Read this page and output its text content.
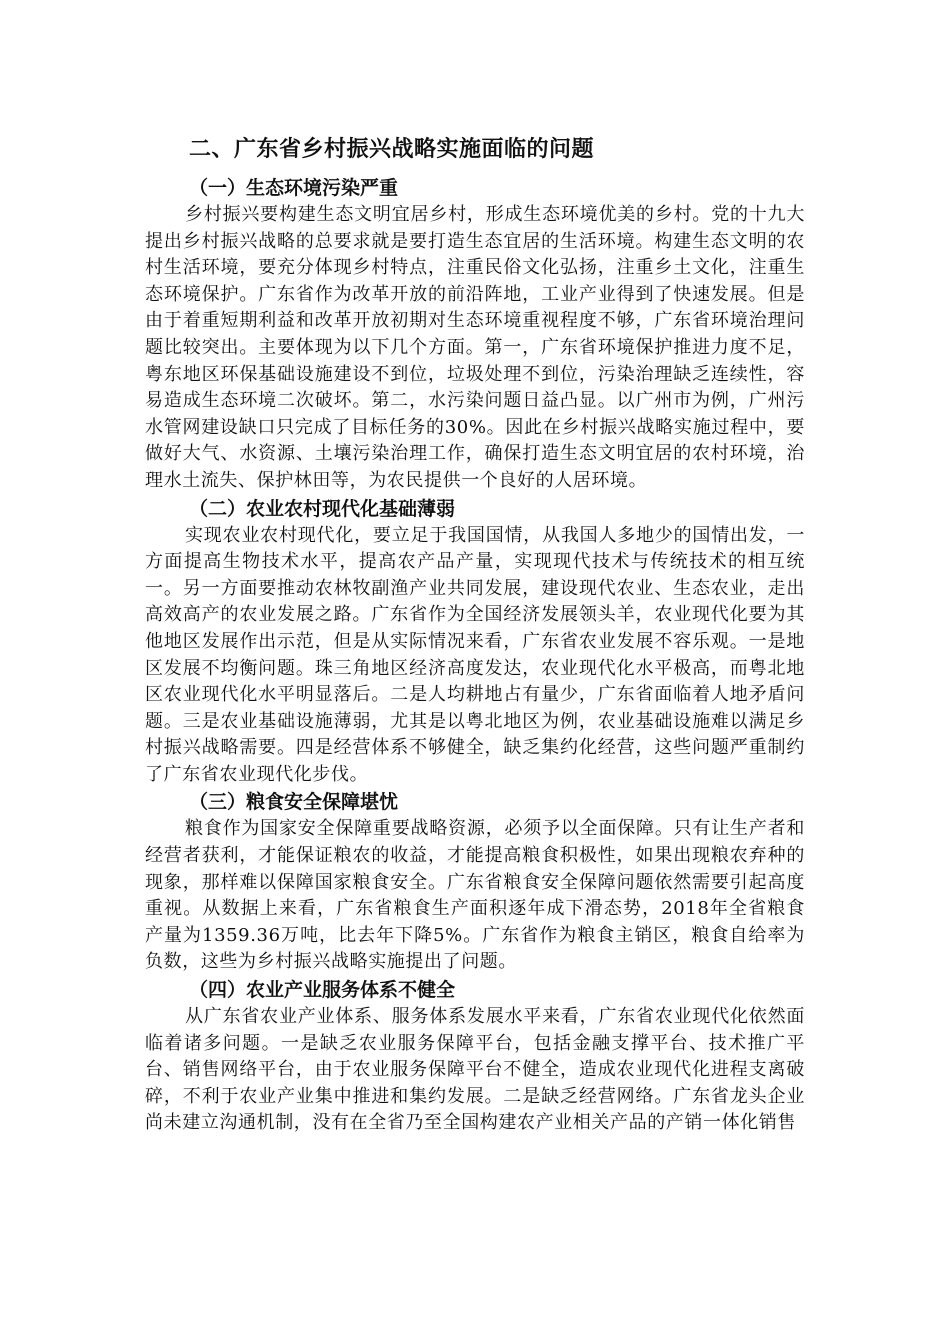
二、广东省乡村振兴战略实施面临的问题
（一）生态环境污染严重

乡村振兴要构建生态文明宜居乡村，形成生态环境优美的乡村。党的十九大提出乡村振兴战略的总要求就是要打造生态宜居的生活环境。构建生态文明的农村生活环境，要充分体现乡村特点，注重民俗文化弘扬，注重乡土文化，注重生态环境保护。广东省作为改革开放的前沿阵地，工业产业得到了快速发展。但是由于着重短期利益和改革开放初期对生态环境重视程度不够，广东省环境治理问题比较突出。主要体现为以下几个方面。第一，广东省环境保护推进力度不足，粤东地区环保基础设施建设不到位，垃圾处理不到位，污染治理缺乏连续性，容易造成生态环境二次破坏。第二，水污染问题日益凸显。以广州市为例，广州污水管网建设缺口只完成了目标任务的30%。因此在乡村振兴战略实施过程中，要做好大气、水资源、土壤污染治理工作，确保打造生态文明宜居的农村环境，治理水土流失、保护林田等，为农民提供一个良好的人居环境。

（二）农业农村现代化基础薄弱

实现农业农村现代化，要立足于我国国情，从我国人多地少的国情出发，一方面提高生物技术水平，提高农产品产量，实现现代技术与传统技术的相互统一。另一方面要推动农林牧副渔产业共同发展，建设现代农业、生态农业，走出高效高产的农业发展之路。广东省作为全国经济发展领头羊，农业现代化要为其他地区发展作出示范，但是从实际情况来看，广东省农业发展不容乐观。一是地区发展不均衡问题。珠三角地区经济高度发达，农业现代化水平极高，而粤北地区农业现代化水平明显落后。二是人均耕地占有量少，广东省面临着人地矛盾问题。三是农业基础设施薄弱，尤其是以粤北地区为例，农业基础设施难以满足乡村振兴战略需要。四是经营体系不够健全，缺乏集约化经营，这些问题严重制约了广东省农业现代化步伐。

（三）粮食安全保障堪忧

粮食作为国家安全保障重要战略资源，必须予以全面保障。只有让生产者和经营者获利，才能保证粮农的收益，才能提高粮食积极性，如果出现粮农弃种的现象，那样难以保障国家粮食安全。广东省粮食安全保障问题依然需要引起高度重视。从数据上来看，广东省粮食生产面积逐年成下滑态势，2018年全省粮食产量为1359.36万吨，比去年下降5%。广东省作为粮食主销区，粮食自给率为负数，这些为乡村振兴战略实施提出了问题。

（四）农业产业服务体系不健全

从广东省农业产业体系、服务体系发展水平来看，广东省农业现代化依然面临着诸多问题。一是缺乏农业服务保障平台，包括金融支撑平台、技术推广平台、销售网络平台，由于农业服务保障平台不健全，造成农业现代化进程支离破碎，不利于农业产业集中推进和集约发展。二是缺乏经营网络。广东省龙头企业尚未建立沟通机制，没有在全省乃至全国构建农产业相关产品的产销一体化销售
